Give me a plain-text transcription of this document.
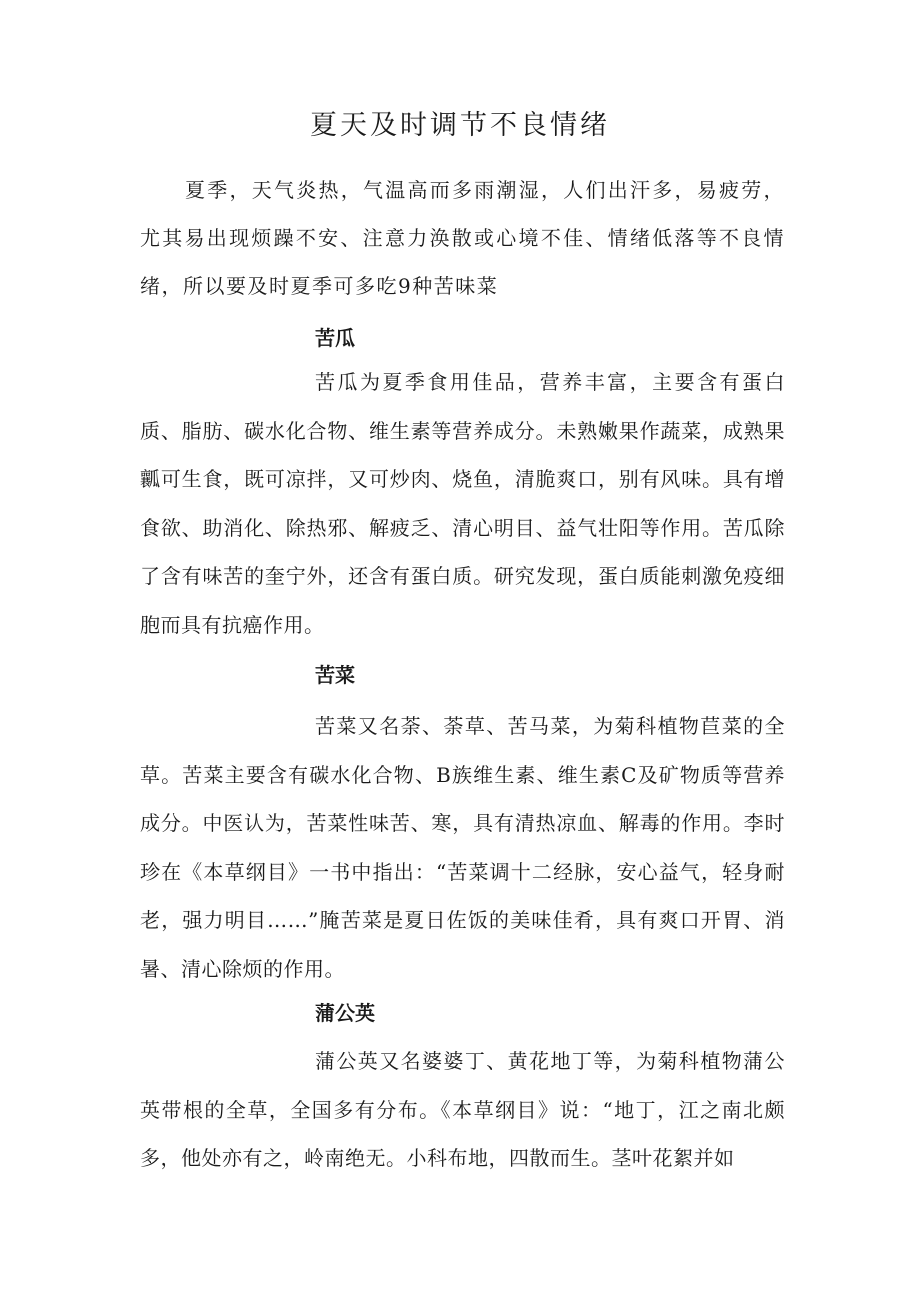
夏天及时调节不良情绪

夏季，天气炎热，气温高而多雨潮湿，人们出汗多，易疲劳，尤其易出现烦躁不安、注意力涣散或心境不佳、情绪低落等不良情绪，所以要及时夏季可多吃9种苦味菜

苦瓜

苦瓜为夏季食用佳品，营养丰富，主要含有蛋白质、脂肪、碳水化合物、维生素等营养成分。未熟嫩果作蔬菜，成熟果瓤可生食，既可凉拌，又可炒肉、烧鱼，清脆爽口，别有风味。具有增食欲、助消化、除热邪、解疲乏、清心明目、益气壮阳等作用。苦瓜除了含有味苦的奎宁外，还含有蛋白质。研究发现，蛋白质能刺激免疫细胞而具有抗癌作用。

苦菜

苦菜又名荼、荼草、苦马菜，为菊科植物苣菜的全草。苦菜主要含有碳水化合物、B族维生素、维生素C及矿物质等营养成分。中医认为，苦菜性味苦、寒，具有清热凉血、解毒的作用。李时珍在《本草纲目》一书中指出：“苦菜调十二经脉，安心益气，轻身耐老，强力明目……”腌苦菜是夏日佐饭的美味佳肴，具有爽口开胃、消暑、清心除烦的作用。

蒲公英

蒲公英又名婆婆丁、黄花地丁等，为菊科植物蒲公英带根的全草，全国多有分布。《本草纲目》说：“地丁，江之南北颇多，他处亦有之，岭南绝无。小科布地，四散而生。茎叶花絮并如
